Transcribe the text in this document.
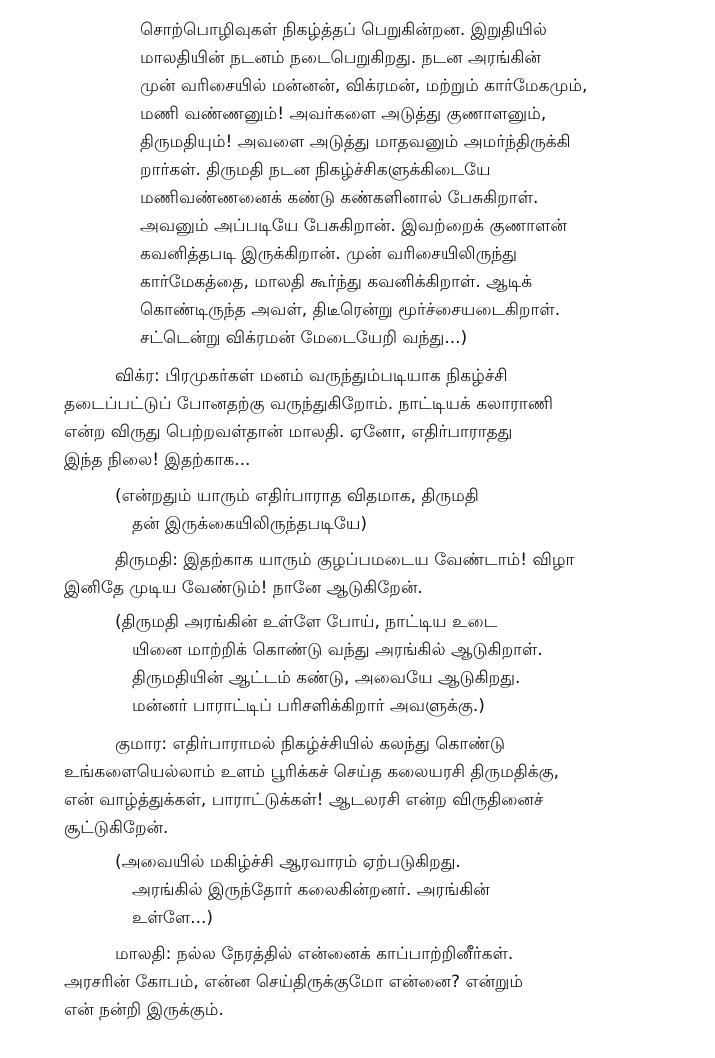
சொற்பொழிவுகள் நிகழ்த்தப் பெறுகின்றன. இறுதியில்
மாலதியின் நடனம் நடைபெறுகிறது. நடன அரங்கின்
முன் வரிசையில் மன்னன், விக்ரமன், மற்றும் கார்மேகமும்,
மணி வண்ணனும்! அவர்களை அடுத்து குணாளனும்,
திருமதியும்! அவளை அடுத்து மாதவனும் அமர்ந்திருக்கி
றார்கள். திருமதி நடன நிகழ்ச்சிகளுக்கிடையே
மணிவண்ணனைக் கண்டு கண்களினால் பேசுகிறாள்.
அவனும் அப்படியே பேசுகிறான். இவற்றைக் குணாளன்
கவனித்தபடி இருக்கிறான். முன் வரிசையிலிருந்து
கார்மேகத்தை, மாலதி கூர்ந்து கவனிக்கிறாள். ஆடிக்
கொண்டிருந்த அவள், திடீரென்று மூர்ச்சையடைகிறாள்.
சட்டென்று விக்ரமன் மேடையேறி வந்து...)
விக்ர: பிரமுகர்கள் மனம் வருந்தும்படியாக நிகழ்ச்சி
தடைப்பட்டுப் போனதற்கு வருந்துகிறோம். நாட்டியக் கலாராணி
என்ற விருது பெற்றவள்தான் மாலதி. ஏனோ, எதிர்பாராதது
இந்த நிலை! இதற்காக...
(என்றதும் யாரும் எதிர்பாராத விதமாக, திருமதி
தன் இருக்கையிலிருந்தபடியே)
திருமதி: இதற்காக யாரும் குழப்பமடைய வேண்டாம்! விழா
இனிதே முடிய வேண்டும்! நானே ஆடுகிறேன்.
(திருமதி அரங்கின் உள்ளே போய், நாட்டிய உடை
யினை மாற்றிக் கொண்டு வந்து அரங்கில் ஆடுகிறாள்.
திருமதியின் ஆட்டம் கண்டு, அவையே ஆடுகிறது.
மன்னர் பாராட்டிப் பரிசளிக்கிறார் அவளுக்கு.)
குமார: எதிர்பாராமல் நிகழ்ச்சியில் கலந்து கொண்டு
உங்களையெல்லாம் உளம் பூரிக்கச் செய்த கலையரசி திருமதிக்கு,
என் வாழ்த்துக்கள், பாராட்டுக்கள்! ஆடலரசி என்ற விருதினைச்
சூட்டுகிறேன்.
(அவையில் மகிழ்ச்சி ஆரவாரம் ஏற்படுகிறது.
அரங்கில் இருந்தோர் கலைகின்றனர். அரங்கின்
உள்ளே...)
மாலதி: நல்ல நேரத்தில் என்னைக் காப்பாற்றினீர்கள்.
அரசரின் கோபம், என்ன செய்திருக்குமோ என்னை? என்றும்
என் நன்றி இருக்கும்.
